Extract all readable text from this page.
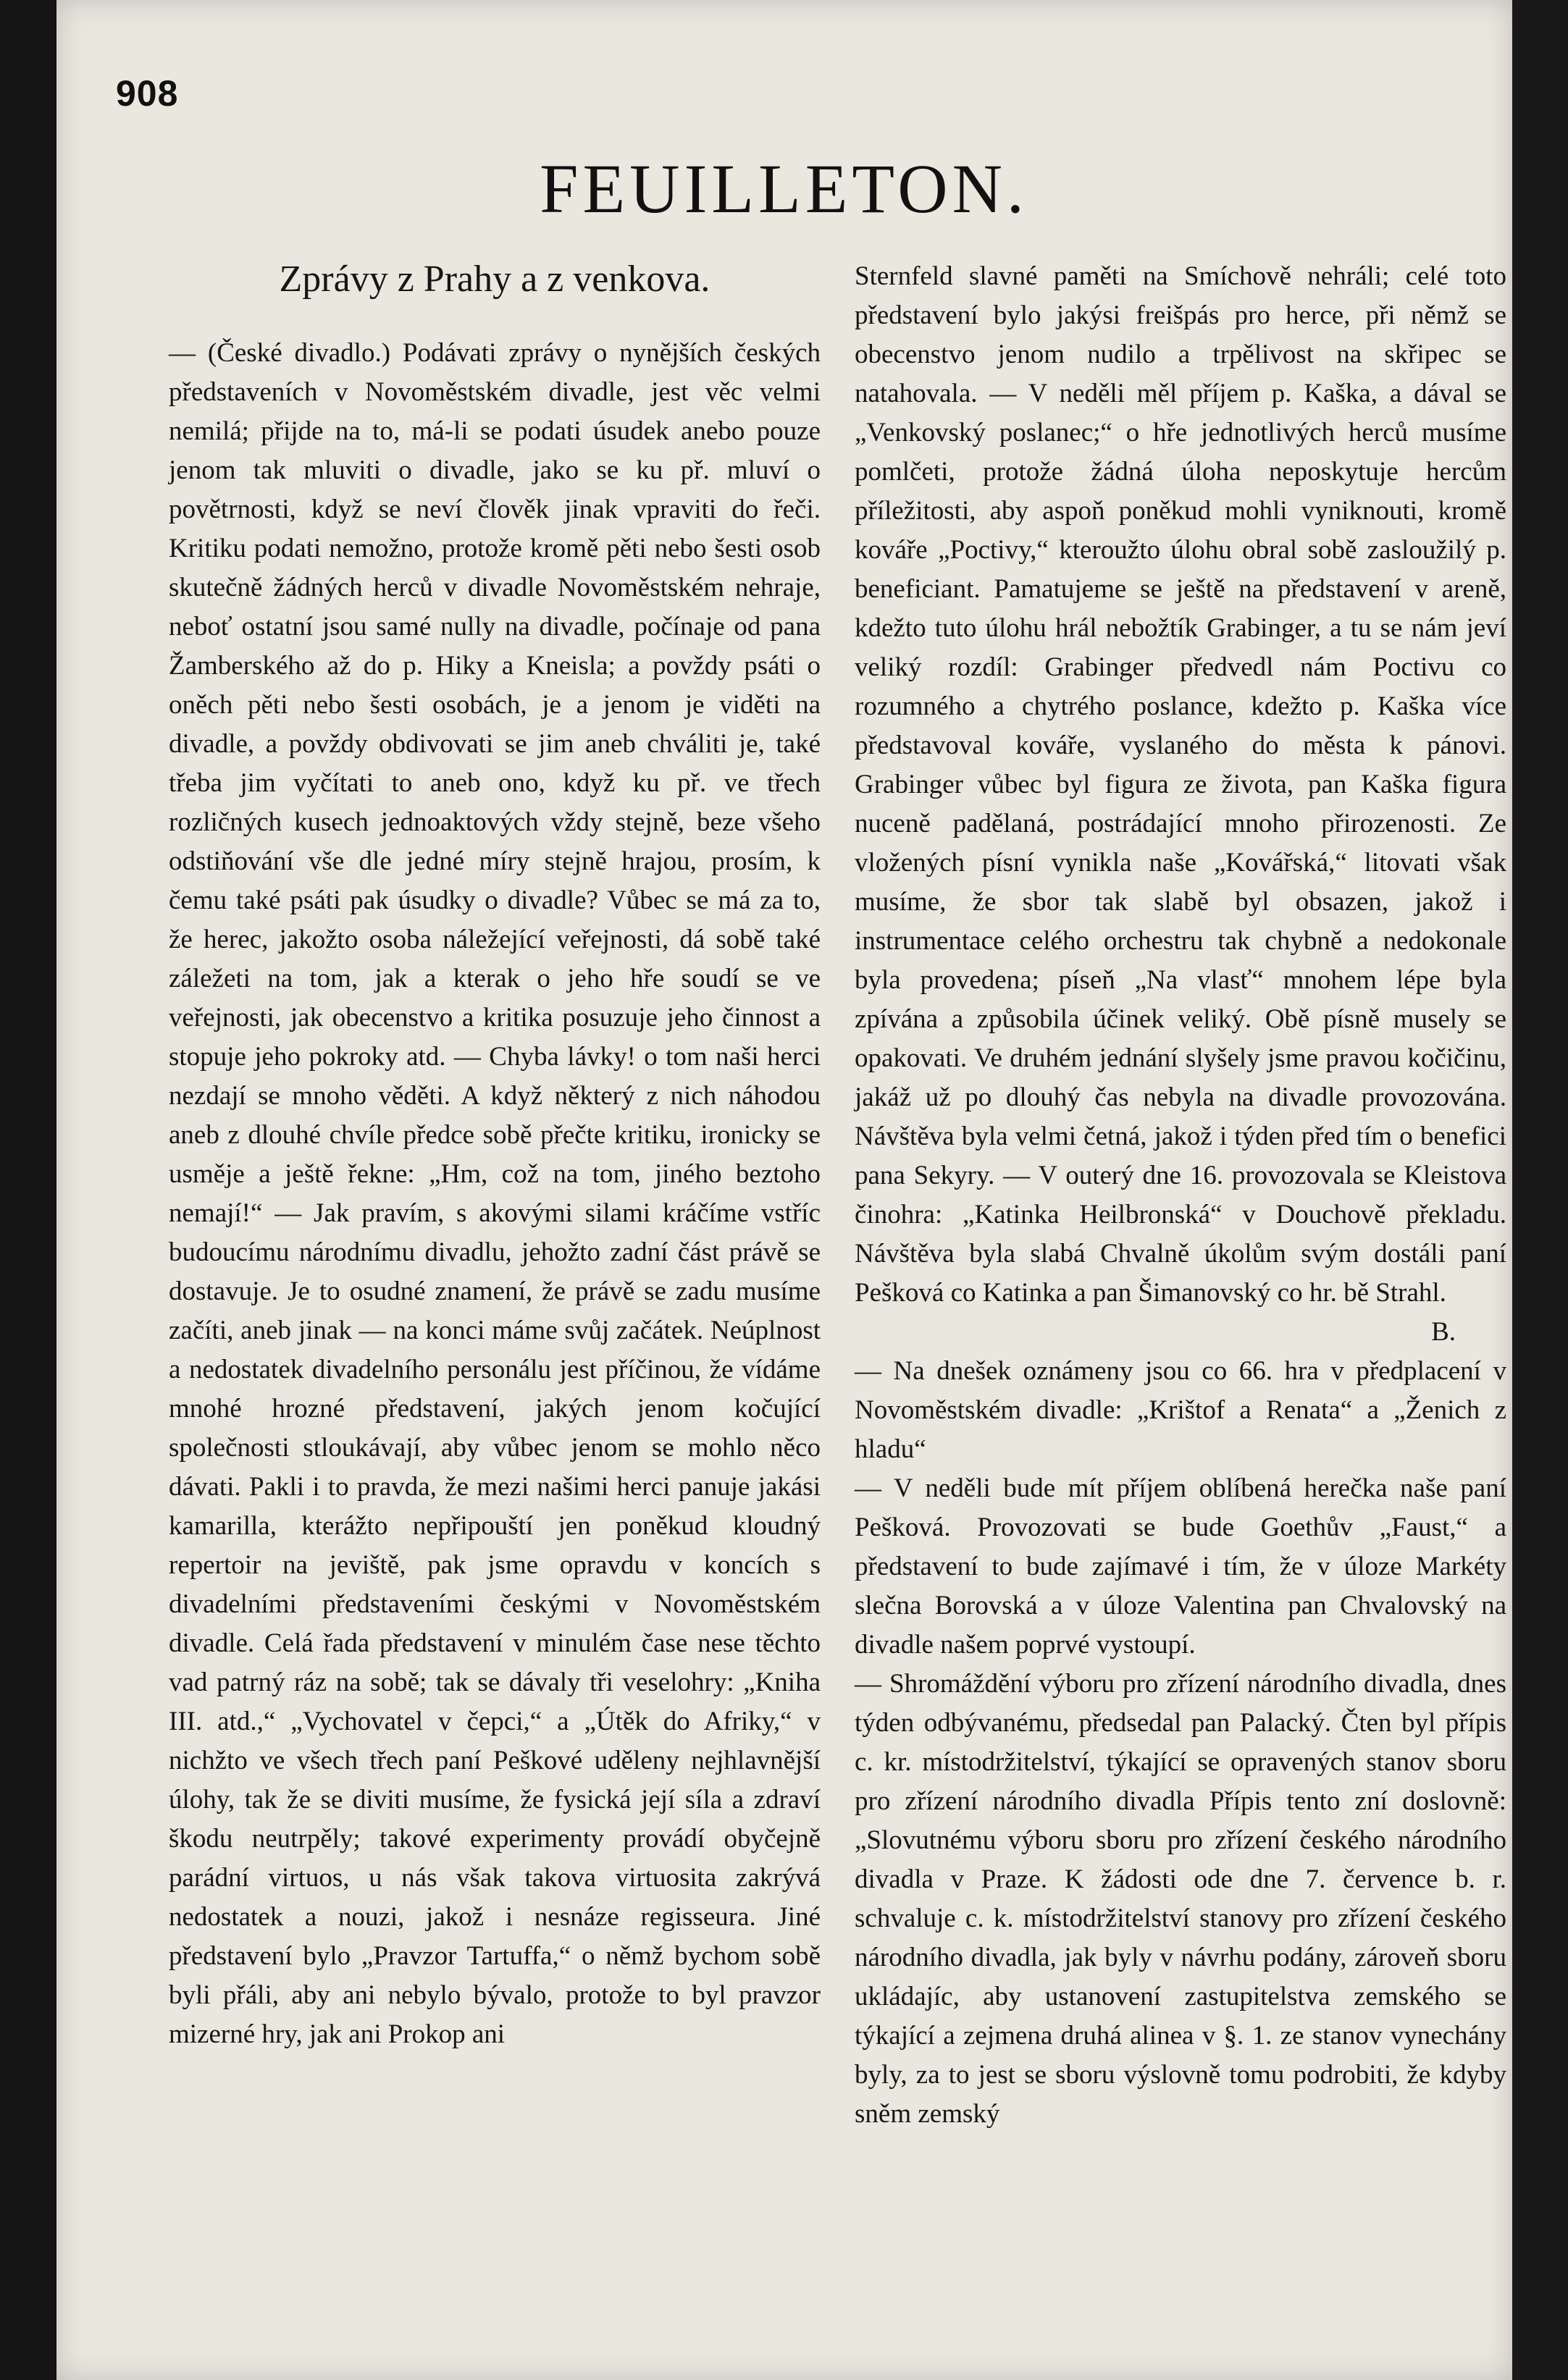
908
FEUILLETON.
Zprávy z Prahy a z venkova.

— (České divadlo.) Podávati zprávy o nynějších českých představeních v Novoměstském divadle, jest věc velmi nemilá; přijde na to, má-li se podati úsudek anebo pouze jenom tak mluviti o divadle, jako se ku př. mluví o povětrnosti, když se neví člověk jinak vpraviti do řeči. Kritiku podati nemožno, protože kromě pěti nebo šesti osob skutečně žádných herců v divadle Novoměstském nehraje, neboť ostatní jsou samé nully na divadle, počínaje od pana Žamberského až do p. Hiky a Kneisla; a povždy psáti o oněch pěti nebo šesti osobách, je a jenom je viděti na divadle, a povždy obdivovati se jim aneb chváliti je, také třeba jim vyčítati to aneb ono, když ku př. ve třech rozličných kusech jednoaktových vždy stejně, beze všeho odstiňování vše dle jedné míry stejně hrajou, prosím, k čemu také psáti pak úsudky o divadle? Vůbec se má za to, že herec, jakožto osoba náležející veřejnosti, dá sobě také záležeti na tom, jak a kterak o jeho hře soudí se ve veřejnosti, jak obecenstvo a kritika posuzuje jeho činnost a stopuje jeho pokroky atd. — Chyba lávky! o tom naši herci nezdají se mnoho věděti. A když některý z nich náhodou aneb z dlouhé chvíle předce sobě přečte kritiku, ironicky se usměje a ještě řekne: „Hm, což na tom, jiného beztoho nemají!“ — Jak pravím, s akovými silami kráčíme vstříc budoucímu národnímu divadlu, jehožto zadní část právě se dostavuje. Je to osudné znamení, že právě se zadu musíme začíti, aneb jinak — na konci máme svůj začátek. Neúplnost a nedostatek divadelního personálu jest příčinou, že vídáme mnohé hrozné představení, jakých jenom kočující společnosti stloukávají, aby vůbec jenom se mohlo něco dávati. Pakli i to pravda, že mezi našimi herci panuje jakási kamarilla, kterážto nepřipouští jen poněkud kloudný repertoir na jeviště, pak jsme opravdu v koncích s divadelními představeními českými v Novoměstském divadle. Celá řada představení v minulém čase nese těchto vad patrný ráz na sobě; tak se dávaly tři veselohry: „Kniha III. atd.,“ „Vychovatel v čepci,“ a „Útěk do Afriky,“ v nichžto ve všech třech paní Peškové uděleny nejhlavnější úlohy, tak že se diviti musíme, že fysická její síla a zdraví škodu neutrpěly; takové experimenty provádí obyčejně parádní virtuos, u nás však takova virtuosita zakrývá nedostatek a nouzi, jakož i nesnáze regisseura. Jiné představení bylo „Pravzor Tartuffa,“ o němž bychom sobě byli přáli, aby ani nebylo bývalo, protože to byl pravzor mizerné hry, jak ani Prokop ani

Sternfeld slavné paměti na Smíchově nehráli; celé toto představení bylo jakýsi freišpás pro herce, při němž se obecenstvo jenom nudilo a trpělivost na skřipec se natahovala. — V neděli měl příjem p. Kaška, a dával se „Venkovský poslanec;“ o hře jednotlivých herců musíme pomlčeti, protože žádná úloha neposkytuje hercům příležitosti, aby aspoň poněkud mohli vyniknouti, kromě kováře „Poctivy,“ kteroužto úlohu obral sobě zasloužilý p. beneficiant. Pamatujeme se ještě na představení v areně, kdežto tuto úlohu hrál nebožtík Grabinger, a tu se nám jeví veliký rozdíl: Grabinger předvedl nám Poctivu co rozumného a chytrého poslance, kdežto p. Kaška více představoval kováře, vyslaného do města k pánovi. Grabinger vůbec byl figura ze života, pan Kaška figura nuceně padělaná, postrádající mnoho přirozenosti. Ze vložených písní vynikla naše „Kovářská,“ litovati však musíme, že sbor tak slabě byl obsazen, jakož i instrumentace celého orchestru tak chybně a nedokonale byla provedena; píseň „Na vlasť“ mnohem lépe byla zpívána a způsobila účinek veliký. Obě písně musely se opakovati. Ve druhém jednání slyšely jsme pravou kočičinu, jakáž už po dlouhý čas nebyla na divadle provozována. Návštěva byla velmi četná, jakož i týden před tím o benefici pana Sekyry. — V outerý dne 16. provozovala se Kleistova činohra: „Katinka Heilbronská“ v Douchově překladu. Návštěva byla slabá Chvalně úkolům svým dostáli paní Pešková co Katinka a pan Šimanovský co hr. bě Strahl.

B.

— Na dnešek oznámeny jsou co 66. hra v předplacení v Novoměstském divadle: „Krištof a Renata“ a „Ženich z hladu“

— V neděli bude mít příjem oblíbená herečka naše paní Pešková. Provozovati se bude Goethův „Faust,“ a představení to bude zajímavé i tím, že v úloze Markéty slečna Borovská a v úloze Valentina pan Chvalovský na divadle našem poprvé vystoupí.

— Shromáždění výboru pro zřízení národního divadla, dnes týden odbývanému, předsedal pan Palacký. Čten byl přípis c. kr. místodržitelství, týkající se opravených stanov sboru pro zřízení národního divadla Přípis tento zní doslovně: „Slovutnému výboru sboru pro zřízení českého národního divadla v Praze. K žádosti ode dne 7. července b. r. schvaluje c. k. místodržitelství stanovy pro zřízení českého národního divadla, jak byly v návrhu podány, zároveň sboru ukládajíc, aby ustanovení zastupitelstva zemského se týkající a zejmena druhá alinea v §. 1. ze stanov vynechány byly, za to jest se sboru výslovně tomu podrobiti, že kdyby sněm zemský
